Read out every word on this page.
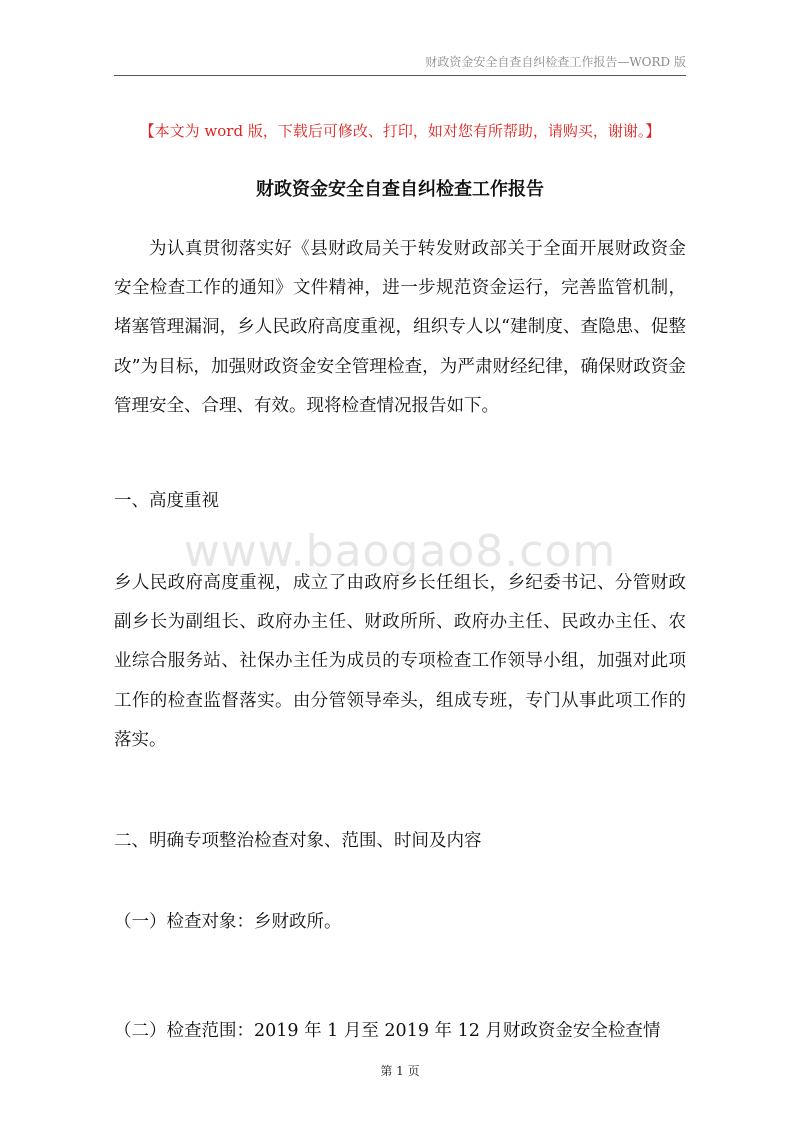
财政资金安全自查自纠检查工作报告—WORD 版
【本文为 word 版，下载后可修改、打印，如对您有所帮助，请购买，谢谢。】
财政资金安全自查自纠检查工作报告

为认真贯彻落实好《县财政局关于转发财政部关于全面开展财政资金安全检查工作的通知》文件精神，进一步规范资金运行，完善监管机制，堵塞管理漏洞，乡人民政府高度重视，组织专人以“建制度、查隐患、促整改”为目标，加强财政资金安全管理检查，为严肃财经纪律，确保财政资金管理安全、合理、有效。现将检查情况报告如下。

一、高度重视

www.baogao8.com

乡人民政府高度重视，成立了由政府乡长任组长，乡纪委书记、分管财政副乡长为副组长、政府办主任、财政所所、政府办主任、民政办主任、农业综合服务站、社保办主任为成员的专项检查工作领导小组，加强对此项工作的检查监督落实。由分管领导牵头，组成专班，专门从事此项工作的落实。

二、明确专项整治检查对象、范围、时间及内容

（一）检查对象：乡财政所。

（二）检查范围：2019 年 1 月至 2019 年 12 月财政资金安全检查情

第 1 页
